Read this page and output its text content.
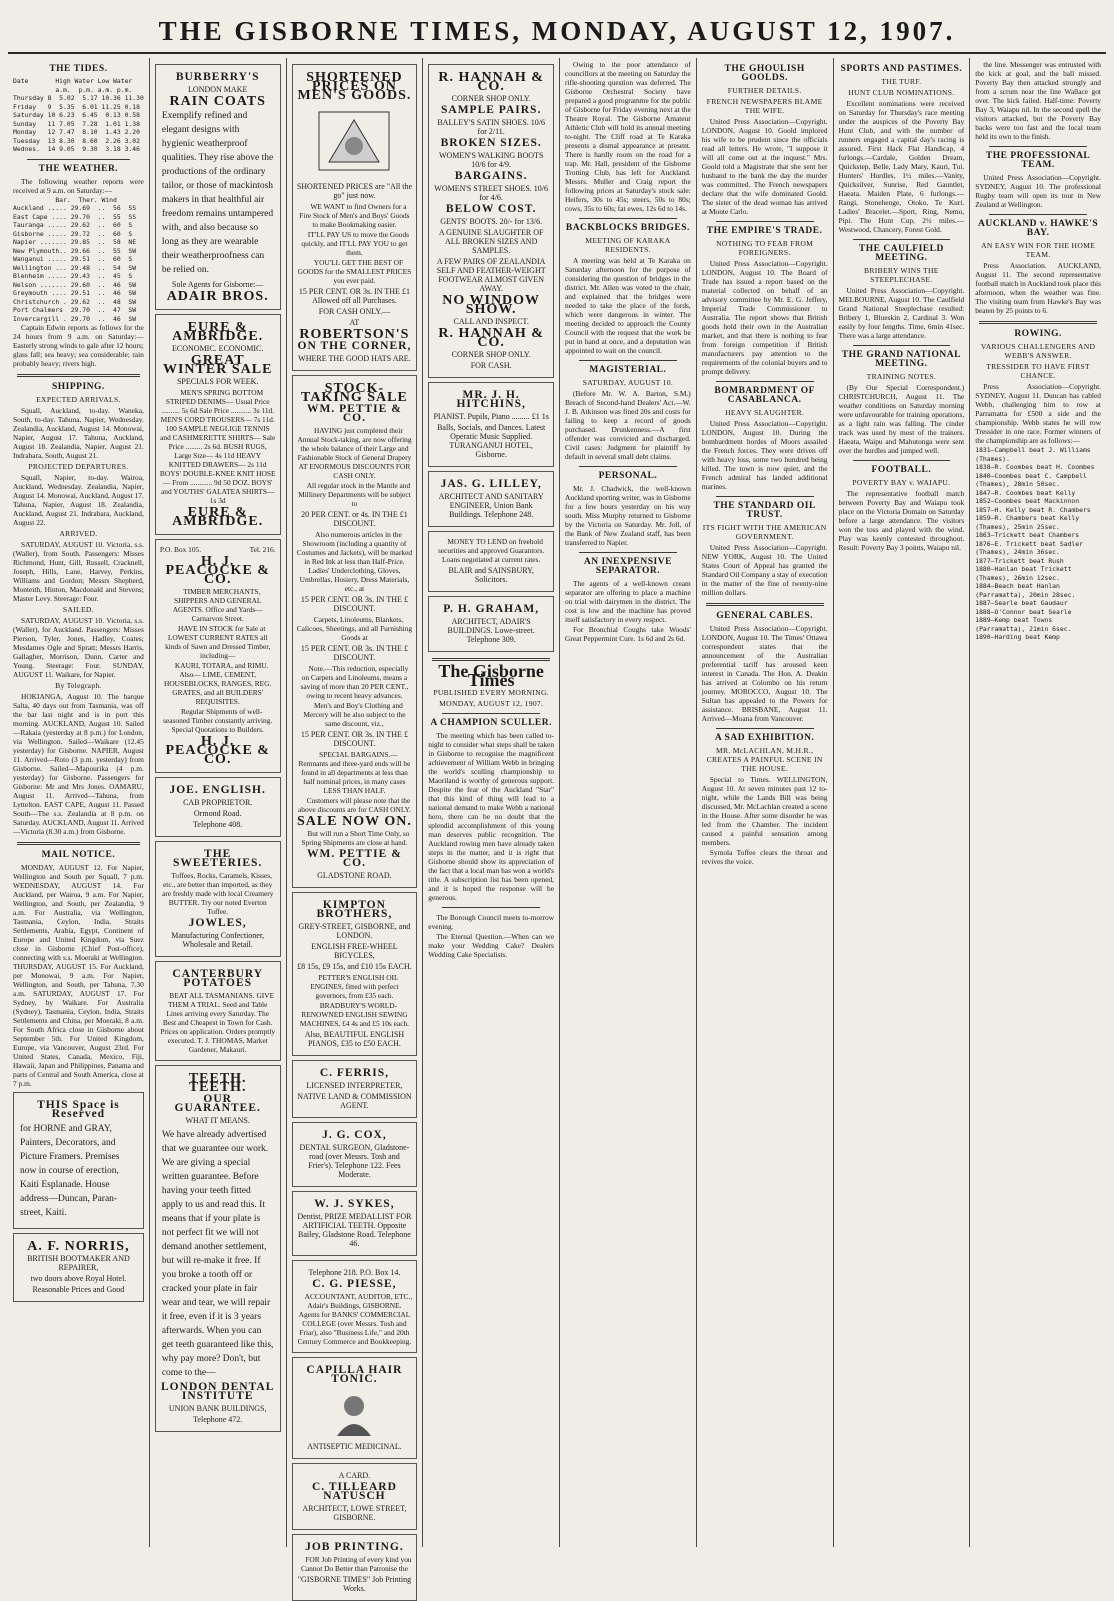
THE GISBORNE TIMES, MONDAY, AUGUST 12, 1907.
THE TIDES.
Date       High Water Low Water
a.m.  p.m. a.m. p.m.
Thursday 8  5.02  5.17 10.36 11.30
Friday   9  5.35  6.01 11.25 0.18
Saturday 10 6.23  6.45  0.13 0.58
Sunday   11 7.05  7.28  1.01 1.38
Monday   12 7.47  8.10  1.43 2.20
Tuesday  13 8.30  8.60  2.26 3.02
Wednes.  14 9.05  9.30  3.18 3.46
THE WEATHER.
The following weather reports were received at 9 a.m. on Saturday:—
Bar.  Ther. Wind
Auckland ..... 29.69  ..  56  SS
East Cape .... 29.70  ..  55  SS
Tauranga ..... 29.62  ..  60  S
Gisborne ..... 29.72  ..  60  S
Napier ....... 29.85  ..  58  NE
New Plymouth.. 29.66  ..  55  SW
Wanganui ..... 29.51  ..  60  S
Wellington ... 29.48  ..  54  SW
Blenheim ..... 29.43  ..  45  S
Nelson ....... 29.60  ..  46  SW
Greymouth .... 29.51  ..  46  SW
Christchurch . 29.62  ..  48  SW
Port Chalmers  29.70  ..  47  SW
Invercargill . 29.70  ..  46  SW
Captain Edwin reports as follows for the 24 hours from 9 a.m. on Saturday:—Easterly strong winds to gale after 12 hours; glass fall; sea heavy; sea considerable; rain probably heavy; rivers high.
SHIPPING.
EXPECTED ARRIVALS.
Squall, Auckland, to-day. Waneka, South, to-day. Tahuna, Napier, Wednesday. Zealandia, Auckland, August 14. Monowai, Napier, August 17. Tahuna, Auckland, August 18. Zealandia, Napier, August 21. Indrabara, South, August 21.
PROJECTED DEPARTURES.
Squall, Napier, to-day. Wairoa, Auckland, Wednesday. Zealandia, Napier, August 14. Monowai, Auckland, August 17. Tahuna, Napier, August 18. Zealandia, Auckland, August 21. Indrabara, Auckland, August 22.
ARRIVED.
SATURDAY, AUGUST 10. Victoria, s.s. (Waller), from South. Passengers: Misses Richmond, Hunt, Gill, Russell, Cracknell, Joseph, Hills, Lane, Harvey, Perkins, Williams and Gordon; Messrs Shepherd, Monteith, Hinton, Macdonald and Stevens; Master Levy. Steerage: Four.
SAILED.
SATURDAY, AUGUST 10. Victoria, s.s. (Waller), for Auckland. Passengers: Misses Pierson, Tyler, Jones, Hadley, Coates; Mesdames Ogle and Spratt; Messrs Harris, Gallagher, Morrison, Dunn, Carter and Young. Steerage: Four. SUNDAY, AUGUST 11. Waikare, for Napier.
By Telegraph.
HOKIANGA, August 10. The barque Salta, 40 days out from Tasmania, was off the bar last night and is in port this morning. AUCKLAND, August 10. Sailed—Rakaia (yesterday at 8 p.m.) for London, via Wellington. Sailed—Waikare (12.45 yesterday) for Gisborne. NAPIER, August 11. Arrived—Roto (3 p.m. yesterday) from Gisborne. Sailed—Mapourika (4 p.m. yesterday) for Gisborne. Passengers for Gisborne: Mr and Mrs Jones. OAMARU, August 11. Arrived—Tahuna, from Lyttelton. EAST CAPE, August 11. Passed South—The s.s. Zealandia at 8 p.m. on Saturday. AUCKLAND, August 11. Arrived—Victoria (8.30 a.m.) from Gisborne.
MAIL NOTICE.
MONDAY, AUGUST 12. For Napier, Wellington and South per Squall, 7 p.m. WEDNESDAY, AUGUST 14. For Auckland, per Wairoa, 9 a.m. For Napier, Wellington, and South, per Zealandia, 9 a.m. For Australia, via Wellington, Tasmania, Ceylon, India, Straits Settlements, Arabia, Egypt, Continent of Europe and United Kingdom, via Suez close in Gisborne (Chief Post-office), connecting with s.s. Moeraki at Wellington. THURSDAY, AUGUST 15. For Auckland, per Monowai, 9 a.m. For Napier, Wellington, and South, per Tahuna, 7.30 a.m. SATURDAY, AUGUST 17. For Sydney, by Waikare. For Australia (Sydney), Tasmania, Ceylon, India, Straits Settlements and China, per Moeraki, 8 a.m. For South Africa close in Gisborne about September 5th. For United Kingdom, Europe, via Vancouver, August 23rd. For United States, Canada, Mexico, Fiji, Hawaii, Japan and Philippines, Panama and parts of Central and South America, close at 7 p.m.
THIS Space is Reserved
for HORNE and GRAY, Painters, Decorators, and Picture Framers. Premises now in course of erection, Kaiti Esplanade. House address—Duncan, Paran-street, Kaiti.
A. F. NORRIS,
BRITISH BOOTMAKER AND REPAIRER,
two doors above Royal Hotel.
Reasonable Prices and Good
BURBERRY'S
LONDON MAKE
RAIN COATS
Exemplify refined and elegant designs with hygienic weatherproof qualities. They rise above the productions of the ordinary tailor, or those of mackintosh makers in that healthful air freedom remains untampered with, and also because so long as they are wearable their weatherproofness can be relied on.
Sole Agents for Gisborne:—
ADAIR BROS.
EURE & AMBRIDGE.
ECONOMIC. ECONOMIC.
GREAT WINTER SALE
SPECIALS FOR WEEK.
MEN'S SPRING BOTTOM STRIPED DENIMS— Usual Price .......... 5s 6d Sale Price ........... 3s 11d. MEN'S CORD TROUSERS— 7s 11d. 100 SAMPLE NEGLIGE TENNIS and CASHMERETTE SHIRTS— Sale Price ......... 2s 6d. BUSH RUGS, Large Size— 4s 11d HEAVY KNITTED DRAWERS— 2s 11d BOYS' DOUBLE-KNEE KNIT HOSE— From ............ 9d 50 DOZ. BOYS' and YOUTHS' GALATEA SHIRTS— 1s 3d
EURE & AMBRIDGE.
P.O. Box 105.	Tel. 216.
H. J. PEACOCKE & CO.
TIMBER MERCHANTS, SHIPPERS AND GENERAL AGENTS. Office and Yards—Carnarvon Street.
HAVE IN STOCK for Sale at LOWEST CURRENT RATES all kinds of Sawn and Dressed Timber, including—
KAURI, TOTARA, and RIMU. Also— LIME, CEMENT, HOUSEBLOCKS, RANGES, REG. GRATES, and all BUILDERS' REQUISITES.
Regular Shipments of well-seasoned Timber constantly arriving. Special Quotations to Builders.
H. J. PEACOCKE & CO.
JOE. ENGLISH.
CAB PROPRIETOR.
Ormond Road.
Telephone 408.
THE SWEETERIES.
Toffees, Rocks, Caramels, Kisses, etc., are better than imported, as they are freshly made with local Creamery BUTTER. Try our noted Everton Toffee.
JOWLES,
Manufacturing Confectioner, Wholesale and Retail.
CANTERBURY POTATOES
BEAT ALL TASMANIANS. GIVE THEM A TRIAL. Seed and Table Lines arriving every Saturday. The Best and Cheapest in Town for Cash. Prices on application. Orders promptly executed. T. J. THOMAS, Market Gardener, Makauri.
TEETH. TEETH.
OUR GUARANTEE.
WHAT IT MEANS.
We have already advertised that we guarantee our work. We are giving a special written guarantee. Before having your teeth fitted apply to us and read this. It means that if your plate is not perfect fit we will not demand another settlement, but will re-make it free. If you broke a tooth off or cracked your plate in fair wear and tear, we will repair it free, even if it is 3 years afterwards. When you can get teeth guaranteed like this, why pay more? Don't, but come to the—
LONDON DENTAL INSTITUTE
UNION BANK BUILDINGS,
Telephone 472.
SHORTENED PRICES ON MEN'S GOODS.
SHORTENED PRICES are "All the go" just now.
WE WANT to find Owners for a Fire Stock of Men's and Boys' Goods to make Bookmaking easier.
IT'LL PAY US to move the Goods quickly, and IT'LL PAY YOU to get them.
YOU'LL GET THE BEST OF GOODS for the SMALLEST PRICES you ever paid.
15 PER CENT. OR 3s. IN THE £1 Allowed off all Purchases.
FOR CASH ONLY.—
AT
ROBERTSON'S
ON THE CORNER,
WHERE THE GOOD HATS ARE.
STOCK-TAKING SALE
WM. PETTIE & CO.
HAVING just completed their Annual Stock-taking, are now offering the whole balance of their Large and Fashionable Stock of General Drapery AT ENORMOUS DISCOUNTS FOR CASH ONLY.
All regular stock in the Mantle and Millinery Departments will be subject to
20 PER CENT. or 4s. IN THE £1 DISCOUNT.
Also numerous articles in the Showroom (including a quantity of Costumes and Jackets), will be marked in Red Ink at less than Half-Price. Ladies' Underclothing, Gloves, Umbrellas, Hosiery, Dress Materials, etc., at
15 PER CENT. OR 3s. IN THE £ DISCOUNT.
Carpets, Linoleums, Blankets, Calicoes, Sheetings, and all Furnishing Goods at
15 PER CENT. OR 3s. IN THE £ DISCOUNT.
Note.—This reduction, especially on Carpets and Linoleums, means a saving of more than 20 PER CENT., owing to recent heavy advances.
Men's and Boy's Clothing and Mercery will be also subject to the same discount, viz.,
15 PER CENT. OR 3s. IN THE £ DISCOUNT.
SPECIAL BARGAINS.—Remnants and three-yard ends will be found in all departments at less than half nominal prices, in many cases LESS THAN HALF.
Customers will please note that the above discounts are for CASH ONLY.
SALE NOW ON.
But will run a Short Time Only, so Spring Shipments are close at hand.
WM. PETTIE & CO.
GLADSTONE ROAD.
KIMPTON BROTHERS,
GREY-STREET, GISBORNE, and LONDON.
ENGLISH FREE-WHEEL BICYCLES,
£8 15s, £9 15s, and £10 15s EACH.
PETTER'S ENGLISH OIL ENGINES, fitted with perfect governors, from £35 each.
BRADBURY'S WORLD-RENOWNED ENGLISH SEWING MACHINES, £4 4s and £5 10s each.
Also, BEAUTIFUL ENGLISH PIANOS, £35 to £50 EACH.
C. FERRIS,
LICENSED INTERPRETER,
NATIVE LAND & COMMISSION AGENT.
J. G. COX,
DENTAL SURGEON, Gladstone-road (over Messrs. Tosh and Frier's). Telephone 122. Fees Moderate.
W. J. SYKES,
Dentist, PRIZE MEDALLIST FOR ARTIFICIAL TEETH. Opposite Bailey, Gladstone Road. Telephone 46.
Telephone 218. P.O. Box 14.
C. G. PIESSE,
ACCOUNTANT, AUDITOR, ETC., Adair's Buildings, GISBORNE. Agents for BANKS' COMMERCIAL COLLEGE (over Messrs. Tosh and Friar), also "Business Life," and 20th Century Commerce and Bookkeeping.
CAPILLA HAIR TONIC.
ANTISEPTIC MEDICINAL.
A CARD.
C. TILLEARD NATUSCH
ARCHITECT, LOWE STREET, GISBORNE.
JOB PRINTING.
FOR Job Printing of every kind you Cannot Do Better than Patronise the
"GISBORNE TIMES" Job Printing Works.
R. HANNAH & CO.
CORNER SHOP ONLY.
SAMPLE PAIRS.
BALLEY'S SATIN SHOES. 10/6 for 2/11.
BROKEN SIZES.
WOMEN'S WALKING BOOTS 10/6 for 4/9.
BARGAINS.
WOMEN'S STREET SHOES. 10/6 for 4/6.
BELOW COST.
GENTS' BOOTS. 20/- for 13/6.
A GENUINE SLAUGHTER OF ALL BROKEN SIZES AND SAMPLES.
A FEW PAIRS OF ZEALANDIA SELF AND FEATHER-WEIGHT FOOTWEAR ALMOST GIVEN AWAY.
NO WINDOW SHOW.
CALL AND INSPECT.
R. HANNAH & CO.
CORNER SHOP ONLY.
FOR CASH.
MR. J. H. HITCHINS,
PIANIST. Pupils, Piano ......... £1 1s
Balls, Socials, and Dances. Latest Operatic Music Supplied. TURANGANUI HOTEL, Gisborne.
JAS. G. LILLEY,
ARCHITECT AND SANITARY ENGINEER, Union Bank Buildings. Telephone 248.
MONEY TO LEND on freehold securities and approved Guarantors. Loans negotiated at current rates.
BLAIR and SAINSBURY, Solicitors.
P. H. GRAHAM,
ARCHITECT, ADAIR'S BUILDINGS. Lowe-street. Telephone 309.
The Gisborne Times
PUBLISHED EVERY MORNING.
MONDAY, AUGUST 12, 1907.
A CHAMPION SCULLER.
The meeting which has been called to-night to consider what steps shall be taken in Gisborne to recognise the magnificent achievement of William Webb in bringing the world's sculling championship to Maoriland is worthy of generous support. Despite the fear of the Auckland "Star" that this kind of thing will lead to a national demand to make Webb a national hero, there can be no doubt that the splendid accomplishment of this young man deserves public recognition. The Auckland rowing men have already taken steps in the matter, and it is right that Gisborne should show its appreciation of the fact that a local man has won a world's title. A subscription list has been opened, and it is hoped the response will be generous.
The Borough Council meets to-morrow evening.
The Eternal Question.—When can we make your Wedding Cake? Dealers Wedding Cake Specialists.
Owing to the poor attendance of councillors at the meeting on Saturday the rifle-shooting question was deferred. The Gisborne Orchestral Society have prepared a good programme for the public of Gisborne for Friday evening next at the Theatre Royal. The Gisborne Amateur Athletic Club will hold its annual meeting to-night. The Cliff road at Te Karaka presents a dismal appearance at present. There is hardly room on the road for a trap. Mr. Hall, president of the Gisborne Trotting Club, has left for Auckland. Messrs. Muller and Craig report the following prices at Saturday's stock sale: Heifers, 30s to 45s; steers, 50s to 80s; cows, 35s to 60s; fat ewes, 12s 6d to 14s.
BACKBLOCKS BRIDGES.
MEETING OF KARAKA RESIDENTS.
A meeting was held at Te Karaka on Saturday afternoon for the purpose of considering the question of bridges in the district. Mr. Allen was voted to the chair, and explained that the bridges were needed to take the place of the fords, which were dangerous in winter. The meeting decided to approach the County Council with the request that the work be put in hand at once, and a deputation was appointed to wait on the council.
MAGISTERIAL.
SATURDAY, AUGUST 10.
(Before Mr. W. A. Barton, S.M.) Breach of Second-hand Dealers' Act.—W. J. B. Atkinson was fined 20s and costs for failing to keep a record of goods purchased. Drunkenness.—A first offender was convicted and discharged. Civil cases: Judgment for plaintiff by default in several small debt claims.
PERSONAL.
Mr. J. Chadwick, the well-known Auckland sporting writer, was in Gisborne for a few hours yesterday on his way south. Miss Murphy returned to Gisborne by the Victoria on Saturday. Mr. Joll, of the Bank of New Zealand staff, has been transferred to Napier.
AN INEXPENSIVE SEPARATOR.
The agents of a well-known cream separator are offering to place a machine on trial with dairymen in the district. The cost is low and the machine has proved itself satisfactory in every respect.
For Bronchial Coughs take Woods' Great Peppermint Cure. 1s 6d and 2s 6d.
THE GHOULISH GOOLDS.
FURTHER DETAILS.
FRENCH NEWSPAPERS BLAME THE WIFE.
United Press Association—Copyright. LONDON, August 10. Goold implored his wife to be prudent since the officials read all letters. He wrote, "I suppose it will all come out at the inquest." Mrs. Goold told a Magistrate that she sent her husband to the bank the day the murder was committed. The French newspapers declare that the wife dominated Goold. The sister of the dead woman has arrived at Monte Carlo.
THE EMPIRE'S TRADE.
NOTHING TO FEAR FROM FOREIGNERS.
United Press Association—Copyright. LONDON, August 10. The Board of Trade has issued a report based on the material collected on behalf of an advisory committee by Mr. E. G. Jeffery, Imperial Trade Commissioner to Australia. The report shows that British goods hold their own in the Australian market, and that there is nothing to fear from foreign competition if British manufacturers pay attention to the requirements of the colonial buyers and to prompt delivery.
BOMBARDMENT OF CASABLANCA.
HEAVY SLAUGHTER.
United Press Association—Copyright. LONDON, August 10. During the bombardment hordes of Moors assailed the French forces. They were driven off with heavy loss, some two hundred being killed. The town is now quiet, and the French admiral has landed additional marines.
THE STANDARD OIL TRUST.
ITS FIGHT WITH THE AMERICAN GOVERNMENT.
United Press Association—Copyright. NEW YORK, August 10. The United States Court of Appeal has granted the Standard Oil Company a stay of execution in the matter of the fine of twenty-nine million dollars.
GENERAL CABLES.
United Press Association—Copyright. LONDON, August 10. The Times' Ottawa correspondent states that the announcement of the Australian preferential tariff has aroused keen interest in Canada. The Hon. A. Deakin has arrived at Colombo on his return journey. MOROCCO, August 10. The Sultan has appealed to the Powers for assistance. BRISBANE, August 11. Arrived—Moana from Vancouver.
A SAD EXHIBITION.
MR. McLACHLAN, M.H.R., CREATES A PAINFUL SCENE IN THE HOUSE.
Special to Times. WELLINGTON, August 10. At seven minutes past 12 to-night, while the Lands Bill was being discussed, Mr. McLachlan created a scene in the House. After some disorder he was led from the Chamber. The incident caused a painful sensation among members.
Symola Toffee clears the throat and revives the voice.
SPORTS AND PASTIMES.
THE TURF.
HUNT CLUB NOMINATIONS.
Excellent nominations were received on Saturday for Thursday's race meeting under the auspices of the Poverty Bay Hunt Club, and with the number of runners engaged a capital day's racing is assured. First Hack Flat Handicap, 4 furlongs.—Cardale, Golden Dream, Quickstep, Belle, Lady Mary, Kauri, Tui. Hunters' Hurdles, 1½ miles.—Vanity, Quicksilver, Sunrise, Red Gauntlet, Haeata. Maiden Plate, 6 furlongs.—Rangi, Stonehenge, Otoko, Te Kuri. Ladies' Bracelet.—Sport, Ring, Nemo, Pipi. The Hunt Cup, 2½ miles.—Westwood, Chancery, Forest Gold.
THE CAULFIELD MEETING.
BRIBERY WINS THE STEEPLECHASE.
United Press Association—Copyright. MELBOURNE, August 10. The Caulfield Grand National Steeplechase resulted: Bribery 1, Blueskin 2, Cardinal 3. Won easily by four lengths. Time, 6min 41sec. There was a large attendance.
THE GRAND NATIONAL MEETING.
TRAINING NOTES.
(By Our Special Correspondent.) CHRISTCHURCH, August 11. The weather conditions on Saturday morning were unfavourable for training operations, as a light rain was falling. The cinder track was used by most of the trainers. Haeata, Waipu and Mahutonga were sent over the hurdles and jumped well.
FOOTBALL.
POVERTY BAY v. WAIAPU.
The representative football match between Poverty Bay and Waiapu took place on the Victoria Domain on Saturday before a large attendance. The visitors won the toss and played with the wind. Play was keenly contested throughout. Result: Poverty Bay 3 points, Waiapu nil.
the line. Messenger was entrusted with the kick at goal, and the ball missed. Poverty Bay then attacked strongly and from a scrum near the line Wallace got over. The kick failed. Half-time: Poverty Bay 3, Waiapu nil. In the second spell the visitors attacked, but the Poverty Bay backs were too fast and the local team held its own to the finish.
THE PROFESSIONAL TEAM.
United Press Association—Copyright. SYDNEY, August 10. The professional Rugby team will open its tour in New Zealand at Wellington.
AUCKLAND v. HAWKE'S BAY.
AN EASY WIN FOR THE HOME TEAM.
Press Association. AUCKLAND, August 11. The second representative football match in Auckland took place this afternoon, when the weather was fine. The visiting team from Hawke's Bay was beaten by 25 points to 6.
ROWING.
VARIOUS CHALLENGERS AND WEBB'S ANSWER.
TRESSIDER TO HAVE FIRST CHANCE.
Press Association—Copyright. SYDNEY, August 11. Duncan has cabled Webb, challenging him to row at Parramatta for £500 a side and the championship. Webb states he will row Tressider in one race. Former winners of the championship are as follows:—
1831—Campbell beat J. Williams
(Thames).
1838—R. Coombes beat H. Coombes
1840—Coombes beat C. Campbell
(Thames), 28min 50sec.
1847—R. Coombes beat Kelly
1852—Coombes beat Mackinnon
1857—H. Kelly beat R. Chambers
1859—R. Chambers beat Kelly
(Thames), 25min 25sec.
1863—Trickett beat Chambers
1876—E. Trickett beat Sadler
(Thames), 24min 36sec.
1877—Trickett beat Rush
1880—Hanlan beat Trickett
(Thames), 26min 12sec.
1884—Beach beat Hanlan
(Parramatta), 20min 28sec.
1887—Searle beat Gaudaur
1888—O'Connor beat Searle
1889—Kemp beat Towns
(Parramatta), 21min 6sec.
1890—Harding beat Kemp
